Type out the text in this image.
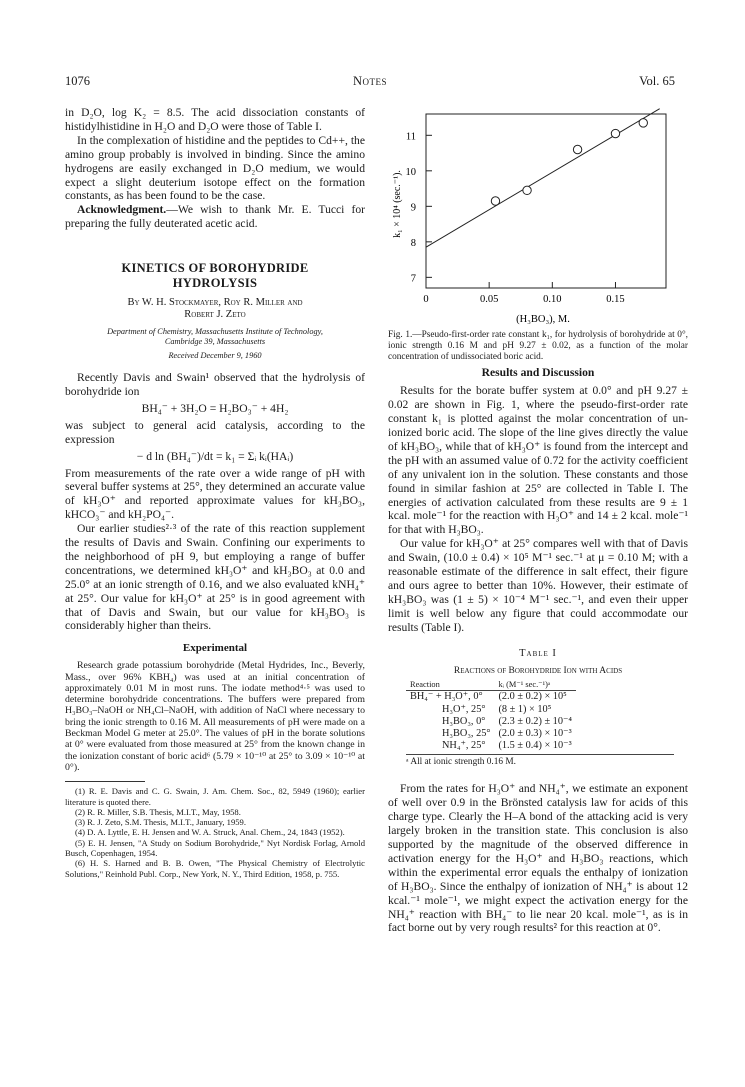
1076	Notes	Vol. 65

in D₂O, log K₂ = 8.5. The acid dissociation constants of histidylhistidine in H₂O and D₂O were those of Table I.

In the complexation of histidine and the peptides to Cd++, the amino group probably is involved in binding. Since the amino hydrogens are easily exchanged in D₂O medium, we would expect a slight deuterium isotope effect on the formation constants, as has been found to be the case.

Acknowledgment.—We wish to thank Mr. E. Tucci for preparing the fully deuterated acetic acid.

KINETICS OF BOROHYDRIDE
HYDROLYSIS
By W. H. Stockmayer, Roy R. Miller and
Robert J. Zeto
Department of Chemistry, Massachusetts Institute of Technology,
Cambridge 39, Massachusetts
Received December 9, 1960

Recently Davis and Swain¹ observed that the hydrolysis of borohydride ion

BH₄⁻ + 3H₂O = H₂BO₃⁻ + 4H₂

was subject to general acid catalysis, according to the expression

− d ln (BH₄⁻)/dt = k₁ = Σᵢ kᵢ(HAᵢ)

From measurements of the rate over a wide range of pH with several buffer systems at 25°, they determined an accurate value of kH₃O⁺ and reported approximate values for kH₃BO₃, kHCO₃⁻ and kH₂PO₄⁻.

Our earlier studies²·³ of the rate of this reaction supplement the results of Davis and Swain. Confining our experiments to the neighborhood of pH 9, but employing a range of buffer concentrations, we determined kH₃O⁺ and kH₃BO₃ at 0.0 and 25.0° at an ionic strength of 0.16, and we also evaluated kNH₄⁺ at 25°. Our value for kH₃O⁺ at 25° is in good agreement with that of Davis and Swain, but our value for kH₃BO₃ is considerably higher than theirs.

Experimental

Research grade potassium borohydride (Metal Hydrides, Inc., Beverly, Mass., over 96% KBH₄) was used at an initial concentration of approximately 0.01 M in most runs. The iodate method⁴·⁵ was used to determine borohydride concentrations. The buffers were prepared from H₃BO₃–NaOH or NH₄Cl–NaOH, with addition of NaCl where necessary to bring the ionic strength to 0.16 M. All measurements of pH were made on a Beckman Model G meter at 25.0°. The values of pH in the borate solutions at 0° were evaluated from those measured at 25° from the known change in the ionization constant of boric acid⁶ (5.79 × 10⁻¹⁰ at 25° to 3.09 × 10⁻¹⁰ at 0°).

(1) R. E. Davis and C. G. Swain, J. Am. Chem. Soc., 82, 5949 (1960); earlier literature is quoted there.
(2) R. R. Miller, S.B. Thesis, M.I.T., May, 1958.
(3) R. J. Zeto, S.M. Thesis, M.I.T., January, 1959.
(4) D. A. Lyttle, E. H. Jensen and W. A. Struck, Anal. Chem., 24, 1843 (1952).
(5) E. H. Jensen, "A Study on Sodium Borohydride," Nyt Nordisk Forlag, Arnold Busch, Copenhagen, 1954.
(6) H. S. Harned and B. B. Owen, "The Physical Chemistry of Electrolytic Solutions," Reinhold Publ. Corp., New York, N. Y., Third Edition, 1958, p. 755.
7
8
9
10
11
0	0.05	0.10	0.15
(H₃BO₃), M.
k₁ × 10⁴ (sec.⁻¹).

Fig. 1.—Pseudo-first-order rate constant k₁, for hydrolysis of borohydride at 0°, ionic strength 0.16 M and pH 9.27 ± 0.02, as a function of the molar concentration of undissociated boric acid.

Results and Discussion

Results for the borate buffer system at 0.0° and pH 9.27 ± 0.02 are shown in Fig. 1, where the pseudo-first-order rate constant k₁ is plotted against the molar concentration of un-ionized boric acid. The slope of the line gives directly the value of kH₃BO₃, while that of kH₃O⁺ is found from the intercept and the pH with an assumed value of 0.72 for the activity coefficient of any univalent ion in the solution. These constants and those found in similar fashion at 25° are collected in Table I. The energies of activation calculated from these results are 9 ± 1 kcal. mole⁻¹ for the reaction with H₃O⁺ and 14 ± 2 kcal. mole⁻¹ for that with H₃BO₃.

Our value for kH₃O⁺ at 25° compares well with that of Davis and Swain, (10.0 ± 0.4) × 10⁵ M⁻¹ sec.⁻¹ at μ = 0.10 M; with a reasonable estimate of the difference in salt effect, their figure and ours agree to better than 10%. However, their estimate of kH₃BO₃ was (1 ± 5) × 10⁻⁴ M⁻¹ sec.⁻¹, and even their upper limit is well below any figure that could accommodate our results (Table I).

Table I
Reactions of Borohydride Ion with Acids
Reaction	kᵢ (M⁻¹ sec.⁻¹)ᵃ
BH₄⁻ + H₃O⁺, 0°	(2.0 ± 0.2) × 10⁵
H₃O⁺, 25°	(8 ± 1) × 10⁵
H₃BO₃, 0°	(2.3 ± 0.2) ± 10⁻⁴
H₃BO₃, 25°	(2.0 ± 0.3) × 10⁻³
NH₄⁺, 25°	(1.5 ± 0.4) × 10⁻³
ᵃ All at ionic strength 0.16 M.

From the rates for H₃O⁺ and NH₄⁺, we estimate an exponent of well over 0.9 in the Brönsted catalysis law for acids of this charge type. Clearly the H–A bond of the attacking acid is very largely broken in the transition state. This conclusion is also supported by the magnitude of the observed difference in activation energy for the H₃O⁺ and H₃BO₃ reactions, which within the experimental error equals the enthalpy of ionization of H₃BO₃. Since the enthalpy of ionization of NH₄⁺ is about 12 kcal.⁻¹ mole⁻¹, we might expect the activation energy for the NH₄⁺ reaction with BH₄⁻ to lie near 20 kcal. mole⁻¹, as is in fact borne out by very rough results² for this reaction at 0°.
